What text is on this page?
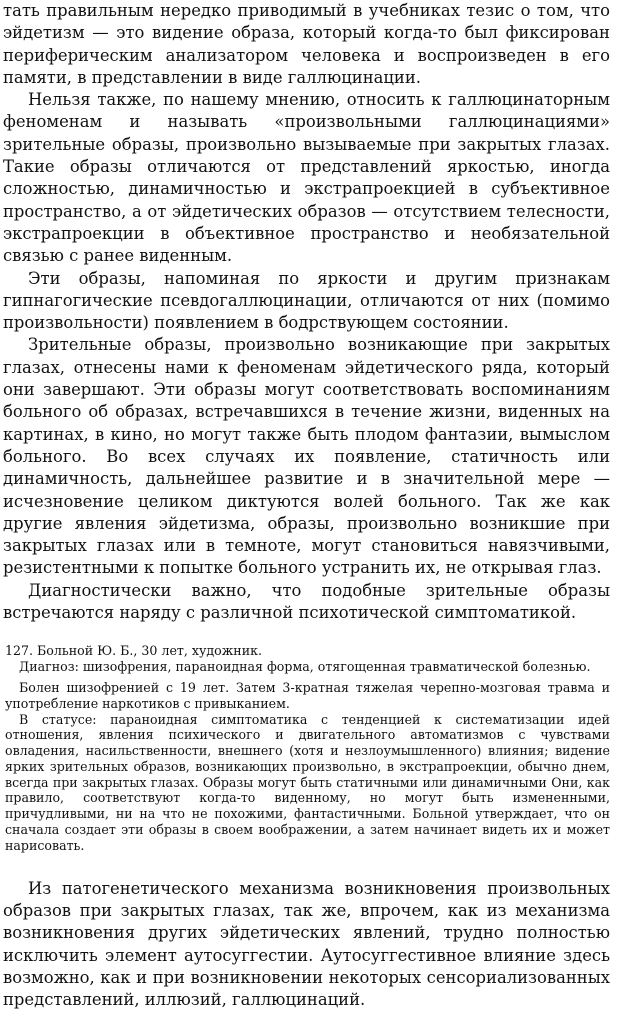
тать правильным нередко приводимый в учебниках тезис о том, что эйдетизм — это видение образа, который когда-то был фиксирован периферическим анализатором человека и воспроизведен в его памяти, в представлении в виде галлюцинации.

Нельзя также, по нашему мнению, относить к галлюцинаторным феноменам и называть «произвольными галлюцинациями» зрительные образы, произвольно вызываемые при закрытых глазах. Такие образы отличаются от представлений яркостью, иногда сложностью, динамичностью и экстрапроекцией в субъективное пространство, а от эйдетических образов — отсутствием телесности, экстрапроекции в объективное пространство и необязательной связью с ранее виденным.

Эти образы, напоминая по яркости и другим признакам гипнагогические псевдогаллюцинации, отличаются от них (помимо произвольности) появлением в бодрствующем состоянии.

Зрительные образы, произвольно возникающие при закрытых глазах, отнесены нами к феноменам эйдетического ряда, который они завершают. Эти образы могут соответствовать воспоминаниям больного об образах, встречавшихся в течение жизни, виденных на картинах, в кино, но могут также быть плодом фантазии, вымыслом больного. Во всех случаях их появление, статичность или динамичность, дальнейшее развитие и в значительной мере — исчезновение целиком диктуются волей больного. Так же как другие явления эйдетизма, образы, произвольно возникшие при закрытых глазах или в темноте, могут становиться навязчивыми, резистентными к попытке больного устранить их, не открывая глаз.

Диагностически важно, что подобные зрительные образы встречаются наряду с различной психотической симптоматикой.

127. Больной Ю. Б., 30 лет, художник.

Диагноз: шизофрения, параноидная форма, отягощенная травматической болезнью.

Болен шизофренией с 19 лет. Затем 3-кратная тяжелая черепно-мозговая травма и употребление наркотиков с привыканием.

В статусе: параноидная симптоматика с тенденцией к систематизации идей отношения, явления психического и двигательного автоматизмов с чувствами овладения, насильственности, внешнего (хотя и незлоумышленного) влияния; видение ярких зрительных образов, возникающих произвольно, в экстрапроекции, обычно днем, всегда при закрытых глазах. Образы могут быть статичными или динамичными Они, как правило, соответствуют когда-то виденному, но могут быть измененными, причудливыми, ни на что не похожими, фантастичными. Больной утверждает, что он сначала создает эти образы в своем воображении, а затем начинает видеть их и может нарисовать.

Из патогенетического механизма возникновения произвольных образов при закрытых глазах, так же, впрочем, как из механизма возникновения других эйдетических явлений, трудно полностью исключить элемент аутосуггестии. Аутосуггестивное влияние здесь возможно, как и при возникновении некоторых сенсориализованных представлений, иллюзий, галлюцинаций.
